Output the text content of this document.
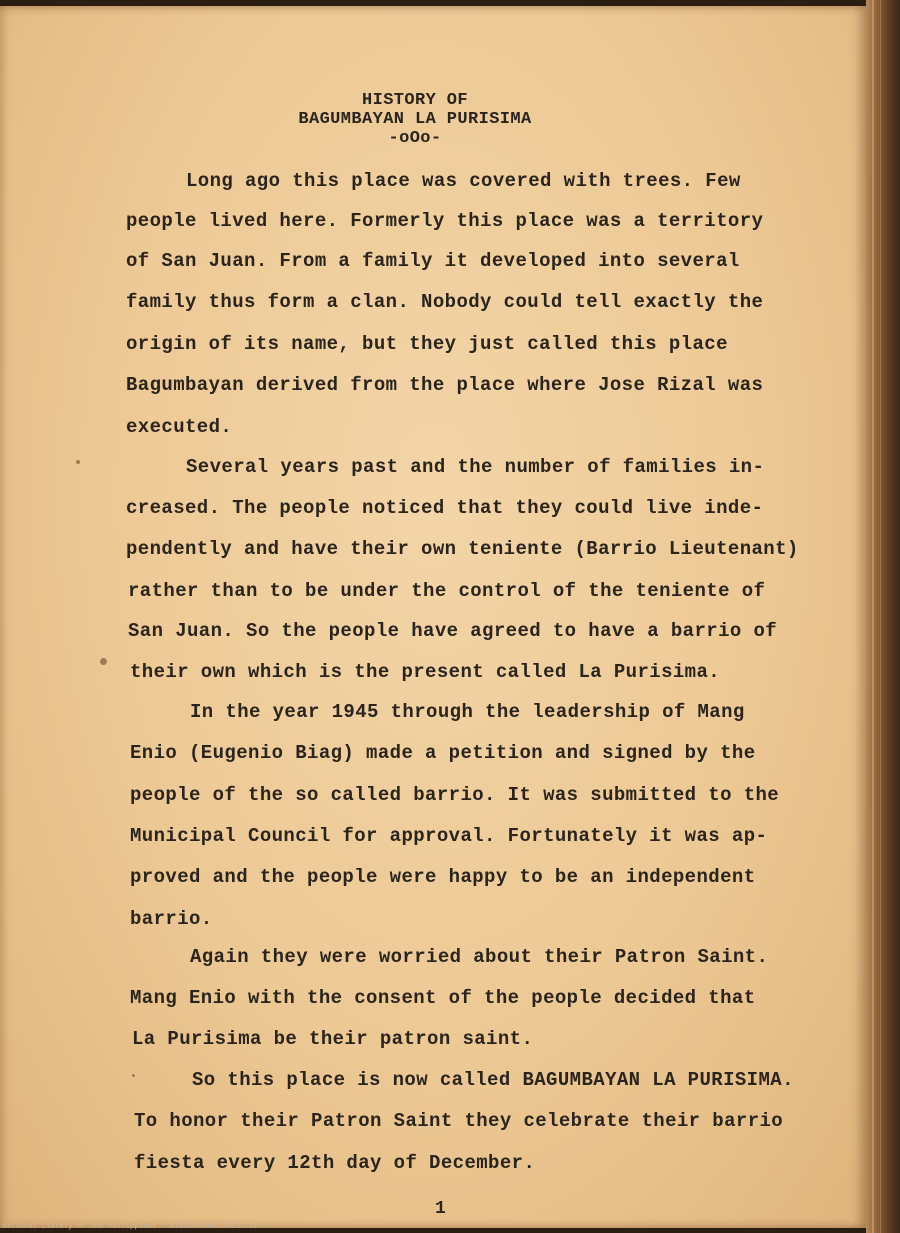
HISTORY OF
BAGUMBAYAN LA PURISIMA
-oOo-
Long ago this place was covered with trees. Few
people lived here. Formerly this place was a territory
of San Juan. From a family it developed into several
family thus form a clan. Nobody could tell exactly the
origin of its name, but they just called this place
Bagumbayan derived from the place where Jose Rizal was
executed.
Several years past and the number of families in-
creased. The people noticed that they could live inde-
pendently and have their own teniente (Barrio Lieutenant)
rather than to be under the control of the teniente of
San Juan. So the people have agreed to have a barrio of
their own which is the present called La Purisima.
In the year 1945 through the leadership of Mang
Enio (Eugenio Biag) made a petition and signed by the
people of the so called barrio. It was submitted to the
Municipal Council for approval. Fortunately it was ap-
proved and the people were happy to be an independent
barrio.
Again they were worried about their Patron Saint.
Mang Enio with the consent of the people decided that
La Purisima be their patron saint.
So this place is now called BAGUMBAYAN LA PURISIMA.
To honor their Patron Saint they celebrate their barrio
fiesta every 12th day of December.
1
National Library of the Philippines · HIS0000000ACS0237.tif
